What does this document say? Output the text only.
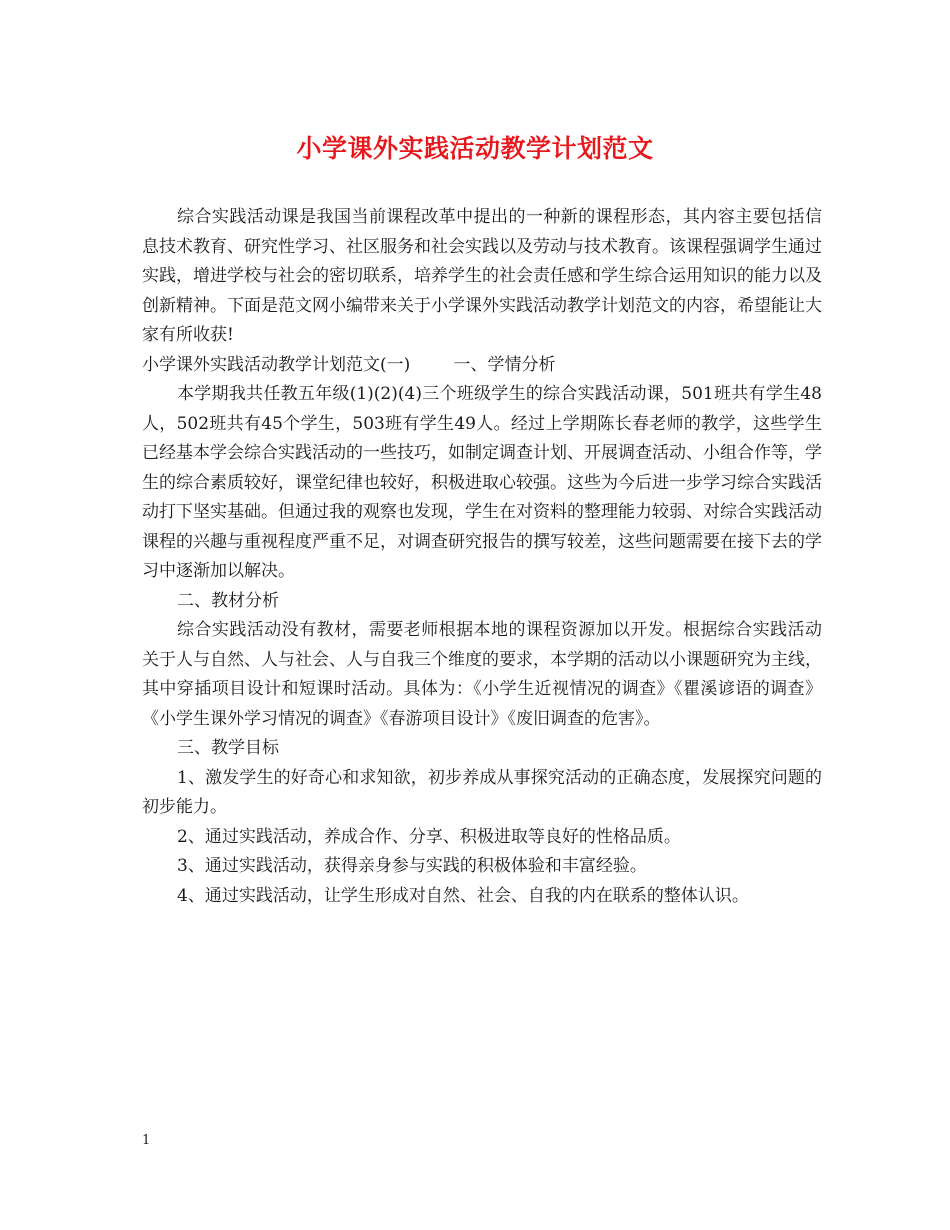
小学课外实践活动教学计划范文

综合实践活动课是我国当前课程改革中提出的一种新的课程形态，其内容主要包括信息技术教育、研究性学习、社区服务和社会实践以及劳动与技术教育。该课程强调学生通过实践，增进学校与社会的密切联系，培养学生的社会责任感和学生综合运用知识的能力以及创新精神。下面是范文网小编带来关于小学课外实践活动教学计划范文的内容，希望能让大家有所收获!

小学课外实践活动教学计划范文(一)        一、学情分析

本学期我共任教五年级(1)(2)(4)三个班级学生的综合实践活动课，501班共有学生48人，502班共有45个学生，503班有学生49人。经过上学期陈长春老师的教学，这些学生已经基本学会综合实践活动的一些技巧，如制定调查计划、开展调查活动、小组合作等，学生的综合素质较好，课堂纪律也较好，积极进取心较强。这些为今后进一步学习综合实践活动打下坚实基础。但通过我的观察也发现，学生在对资料的整理能力较弱、对综合实践活动课程的兴趣与重视程度严重不足，对调查研究报告的撰写较差，这些问题需要在接下去的学习中逐渐加以解决。

二、教材分析

综合实践活动没有教材，需要老师根据本地的课程资源加以开发。根据综合实践活动关于人与自然、人与社会、人与自我三个维度的要求，本学期的活动以小课题研究为主线，其中穿插项目设计和短课时活动。具体为：《小学生近视情况的调查》《瞿溪谚语的调查》《小学生课外学习情况的调查》《春游项目设计》《废旧调查的危害》。

三、教学目标

1、激发学生的好奇心和求知欲，初步养成从事探究活动的正确态度，发展探究问题的初步能力。

2、通过实践活动，养成合作、分享、积极进取等良好的性格品质。

3、通过实践活动，获得亲身参与实践的积极体验和丰富经验。

4、通过实践活动，让学生形成对自然、社会、自我的内在联系的整体认识。

1
